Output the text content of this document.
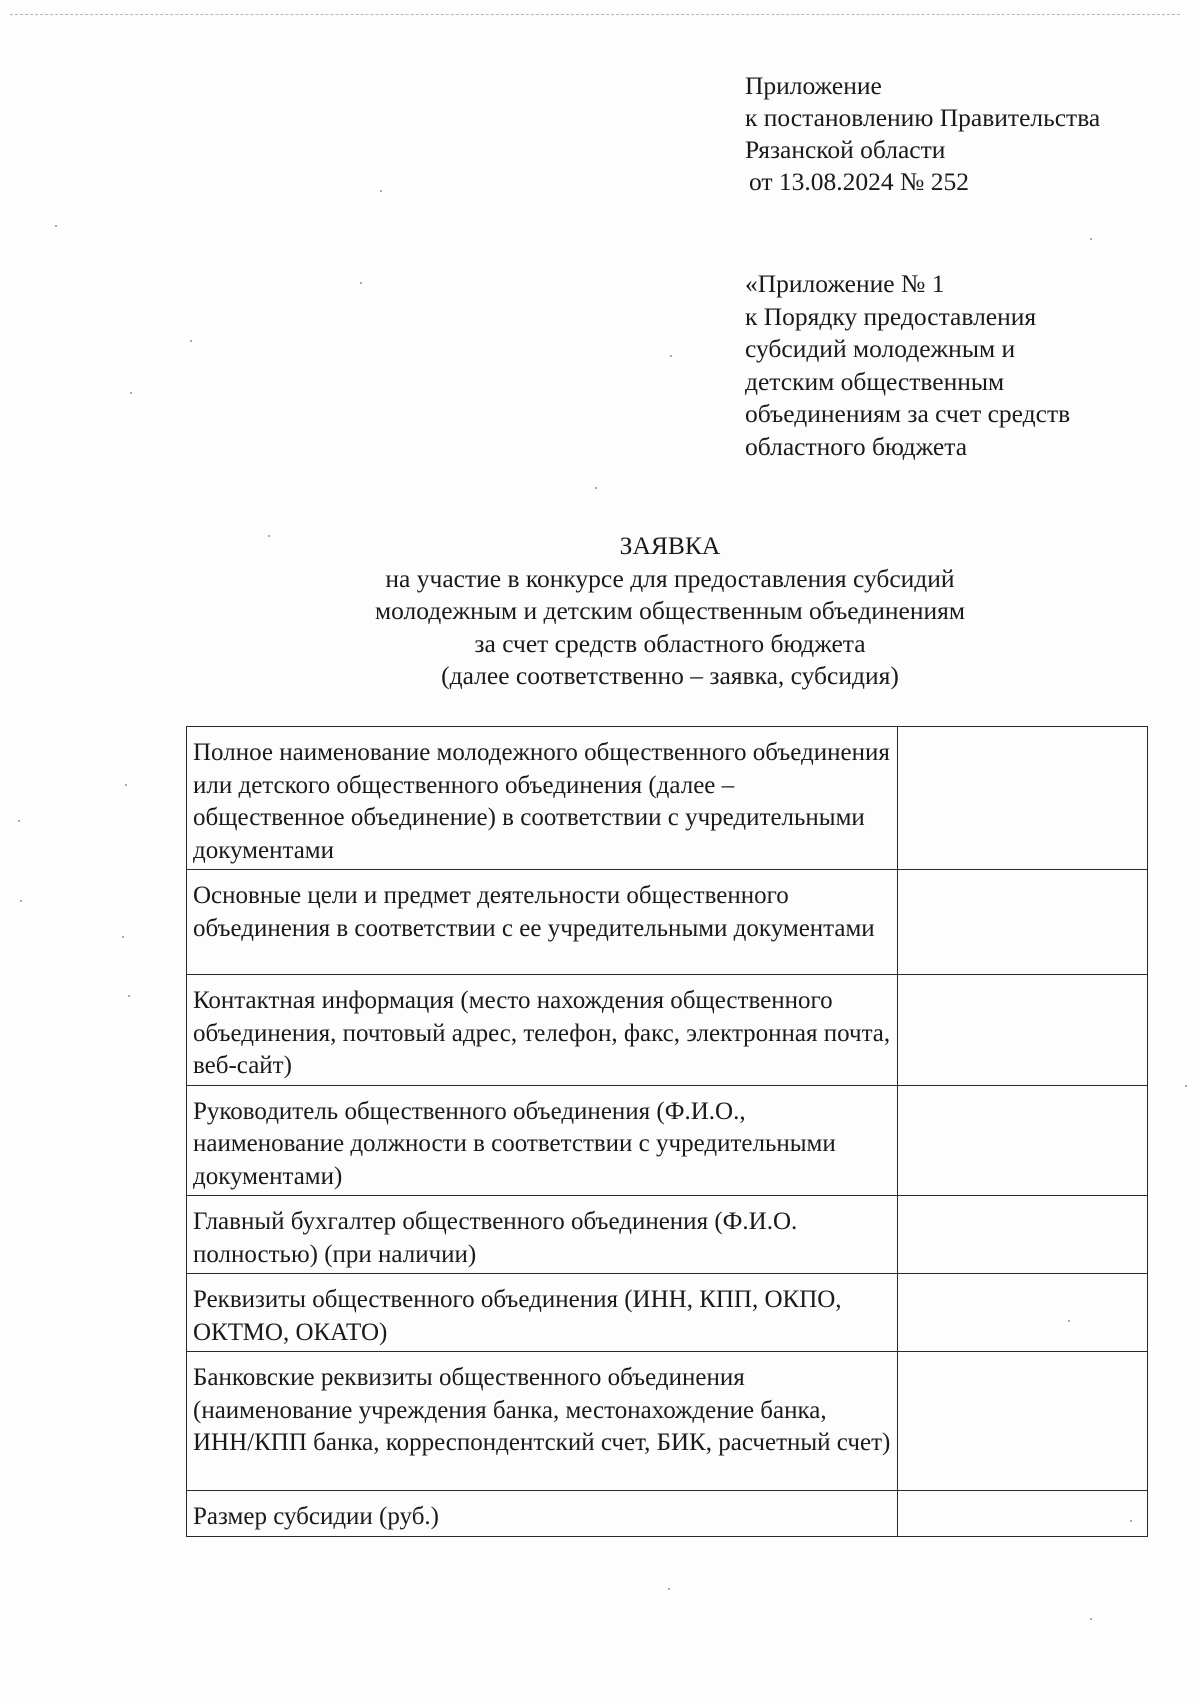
Приложение
к постановлению Правительства
Рязанской области
от 13.08.2024 № 252
«Приложение № 1
к Порядку предоставления
субсидий молодежным и
детским общественным
объединениям за счет средств
областного бюджета
ЗАЯВКА
на участие в конкурсе для предоставления субсидий
молодежным и детским общественным объединениям
за счет средств областного бюджета
(далее соответственно – заявка, субсидия)
Полное наименование молодежного общественного объединения или детского общественного объединения (далее – общественное объединение) в соответствии с учредительными документами	
Основные цели и предмет деятельности общественного объединения в соответствии с ее учредительными документами	
Контактная информация (место нахождения общественного объединения, почтовый адрес, телефон, факс, электронная почта, веб-сайт)	
Руководитель общественного объединения (Ф.И.О., наименование должности в соответствии с учредительными документами)	
Главный бухгалтер общественного объединения (Ф.И.О. полностью) (при наличии)	
Реквизиты общественного объединения (ИНН, КПП, ОКПО, ОКТМО, ОКАТО)	
Банковские реквизиты общественного объединения (наименование учреждения банка, местонахождение банка, ИНН/КПП банка, корреспондентский счет, БИК, расчетный счет)	
Размер субсидии (руб.)	
